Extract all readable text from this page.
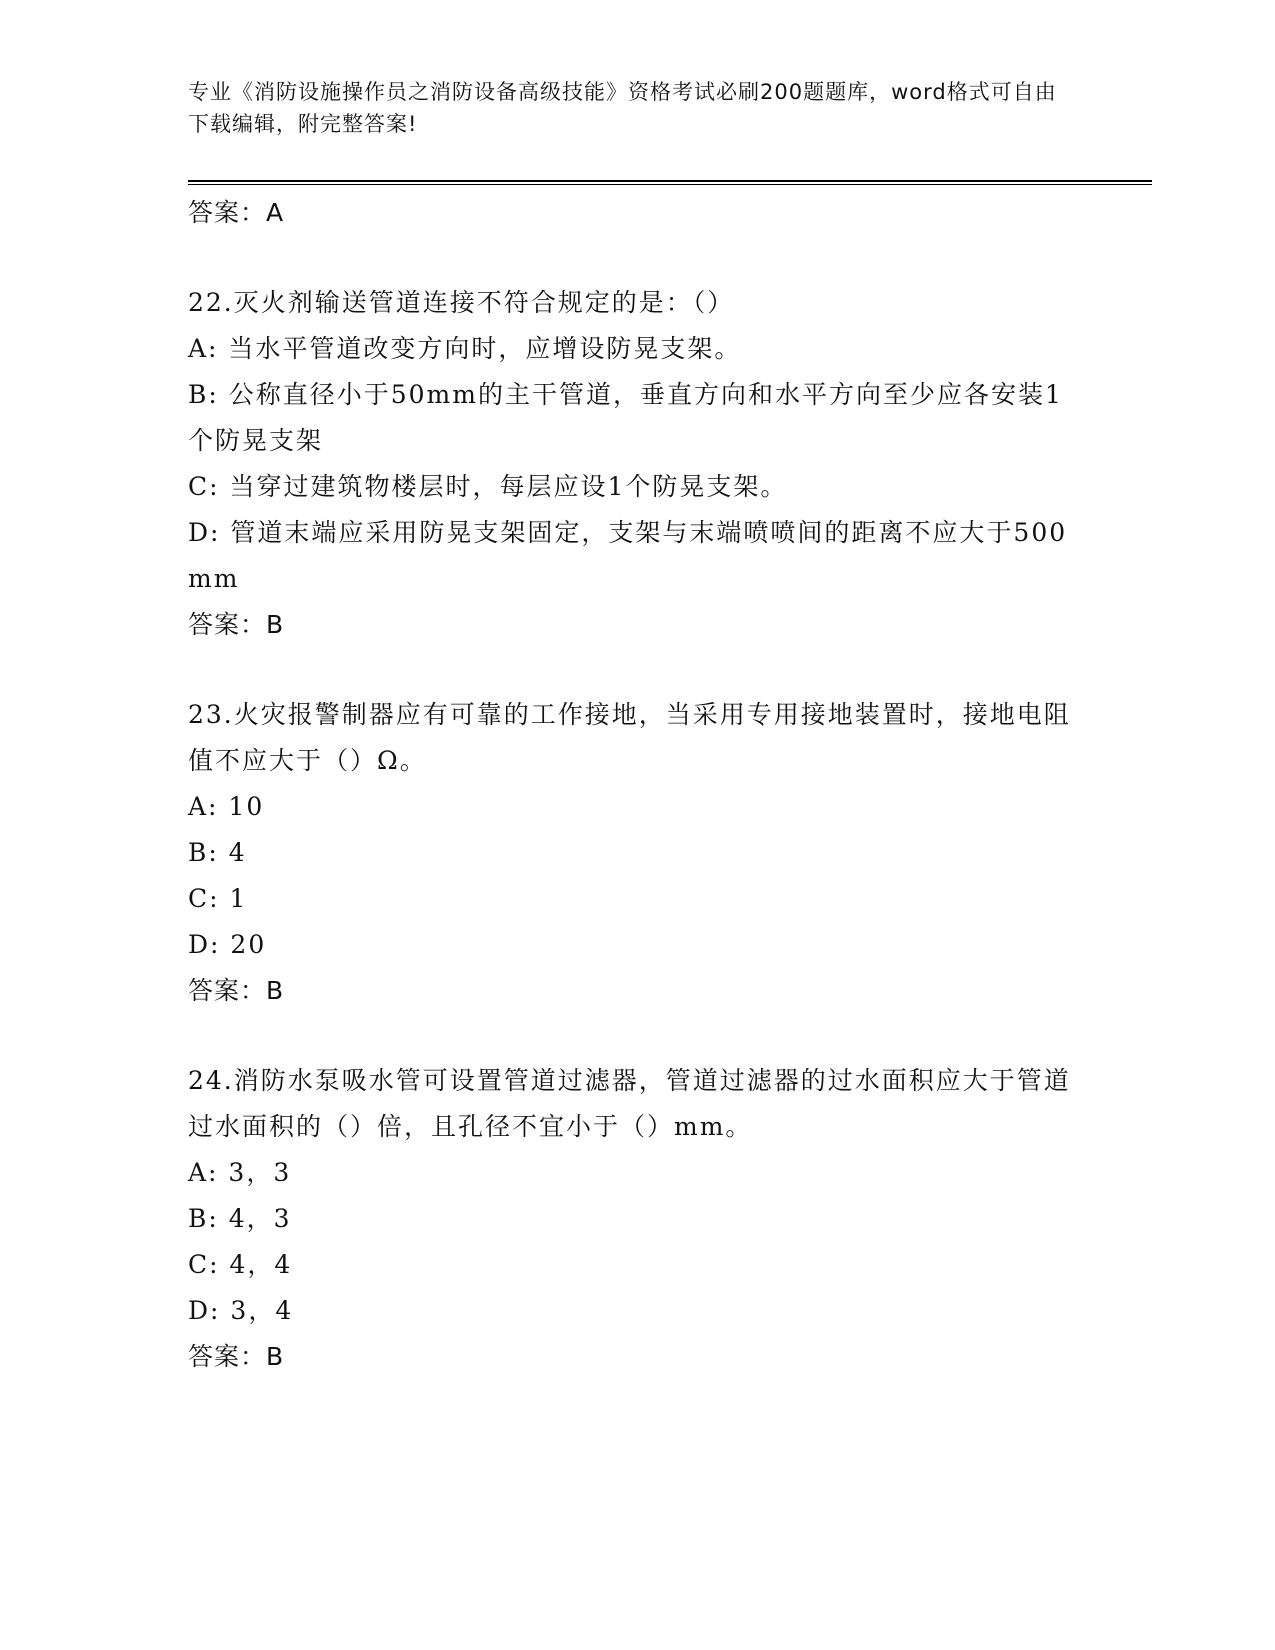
专业《消防设施操作员之消防设备高级技能》资格考试必刷200题题库，word格式可自由下载编辑，附完整答案!
答案：A
22.灭火剂输送管道连接不符合规定的是：（）
A: 当水平管道改变方向时，应增设防晃支架。
B: 公称直径小于50mm的主干管道，垂直方向和水平方向至少应各安装1个防晃支架
C: 当穿过建筑物楼层时，每层应设1个防晃支架。
D: 管道末端应采用防晃支架固定，支架与末端喷喷间的距离不应大于500mm
答案：B
23.火灾报警制器应有可靠的工作接地，当采用专用接地装置时，接地电阻值不应大于（）Ω。
A: 10
B: 4
C: 1
D: 20
答案：B
24.消防水泵吸水管可设置管道过滤器，管道过滤器的过水面积应大于管道过水面积的（）倍，且孔径不宜小于（）mm。
A: 3，3
B: 4，3
C: 4，4
D: 3，4
答案：B
